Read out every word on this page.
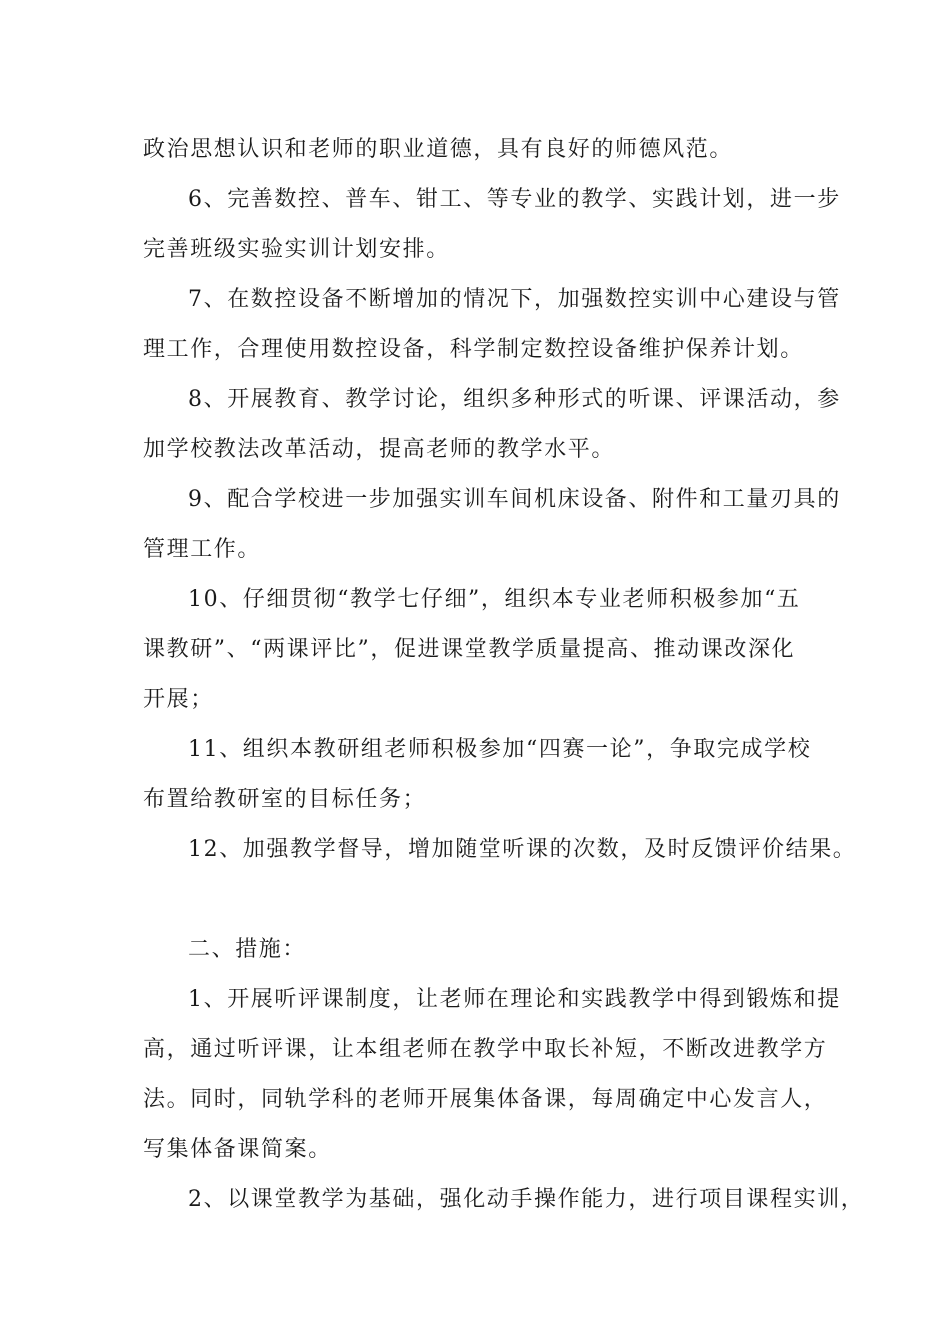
政治思想认识和老师的职业道德，具有良好的师德风范。
6、完善数控、普车、钳工、等专业的教学、实践计划，进一步
完善班级实验实训计划安排。
7、在数控设备不断增加的情况下，加强数控实训中心建设与管
理工作，合理使用数控设备，科学制定数控设备维护保养计划。
8、开展教育、教学讨论，组织多种形式的听课、评课活动，参
加学校教法改革活动，提高老师的教学水平。
9、配合学校进一步加强实训车间机床设备、附件和工量刃具的
管理工作。
10、仔细贯彻“教学七仔细”，组织本专业老师积极参加“五
课教研”、“两课评比”，促进课堂教学质量提高、推动课改深化
开展；
11、组织本教研组老师积极参加“四赛一论”，争取完成学校
布置给教研室的目标任务；
12、加强教学督导，增加随堂听课的次数，及时反馈评价结果。
二、措施：
1、开展听评课制度，让老师在理论和实践教学中得到锻炼和提
高，通过听评课，让本组老师在教学中取长补短，不断改进教学方
法。同时，同轨学科的老师开展集体备课，每周确定中心发言人，
写集体备课简案。
2、以课堂教学为基础，强化动手操作能力，进行项目课程实训，
